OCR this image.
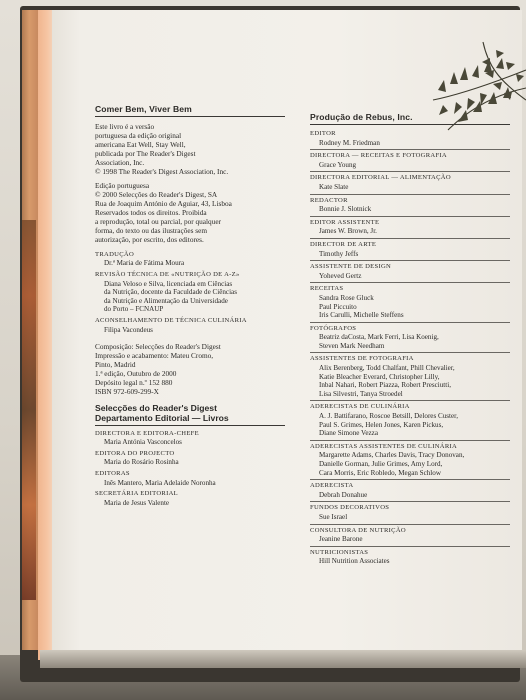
Comer Bem, Viver Bem
Este livro é a versão
portuguesa da edição original
americana Eat Well, Stay Well,
publicada por The Reader's Digest
Association, Inc.
© 1998 The Reader's Digest Association, Inc.
Edição portuguesa
© 2000 Selecções do Reader's Digest, SA
Rua de Joaquim António de Aguiar, 43, Lisboa
Reservados todos os direitos. Proibida
a reprodução, total ou parcial, por qualquer
forma, do texto ou das ilustrações sem
autorização, por escrito, dos editores.
TRADUÇÃO
Dr.ª Maria de Fátima Moura
REVISÃO TÉCNICA DE «NUTRIÇÃO DE A-Z»
Diana Veloso e Silva, licenciada em Ciências
da Nutrição, docente da Faculdade de Ciências
da Nutrição e Alimentação da Universidade
do Porto – FCNAUP
ACONSELHAMENTO DE TÉCNICA CULINÁRIA
Filipa Vacondeus
Composição: Selecções do Reader's Digest
Impressão e acabamento: Mateu Cromo,
Pinto, Madrid
1.ª edição, Outubro de 2000
Depósito legal n.º 152 880
ISBN 972-609-299-X
Selecções do Reader's Digest
Departamento Editorial — Livros
DIRECTORA E EDITORA-CHEFE
Maria Antónia Vasconcelos
EDITORA DO PROJECTO
Maria do Rosário Rosinha
EDITORAS
Inês Mantero, Maria Adelaide Noronha
SECRETÁRIA EDITORIAL
Maria de Jesus Valente
Produção de Rebus, Inc.
EDITOR
Rodney M. Friedman
DIRECTORA — RECEITAS E FOTOGRAFIA
Grace Young
DIRECTORA EDITORIAL — ALIMENTAÇÃO
Kate Slate
REDACTOR
Bonnie J. Slotnick
EDITOR ASSISTENTE
James W. Brown, Jr.
DIRECTOR DE ARTE
Timothy Jeffs
ASSISTENTE DE DESIGN
Yoheved Gertz
RECEITAS
Sandra Rose Gluck
Paul Piccuito
Iris Carulli, Michelle Steffens
FOTÓGRAFOS
Beatriz daCosta, Mark Ferri, Lisa Koenig,
Steven Mark Needham
ASSISTENTES DE FOTOGRAFIA
Alix Berenberg, Todd Chalfant, Phill Chevalier,
Katie Bleacher Everard, Christopher Lilly,
Inbal Nahari, Robert Piazza, Robert Presciutti,
Lisa Silvestri, Tanya Stroedel
ADERECISTAS DE CULINÁRIA
A. J. Battifarano, Roscoe Betsill, Delores Custer,
Paul S. Grimes, Helen Jones, Karen Pickus,
Diane Simone Vezza
ADERECISTAS ASSISTENTES DE CULINÁRIA
Margarette Adams, Charles Davis, Tracy Donovan,
Danielle Gorman, Julie Grimes, Amy Lord,
Cara Morris, Eric Robledo, Megan Schlow
ADERECISTA
Debrah Donahue
FUNDOS DECORATIVOS
Sue Israel
CONSULTORA DE NUTRIÇÃO
Jeanine Barone
NUTRICIONISTAS
Hill Nutrition Associates
